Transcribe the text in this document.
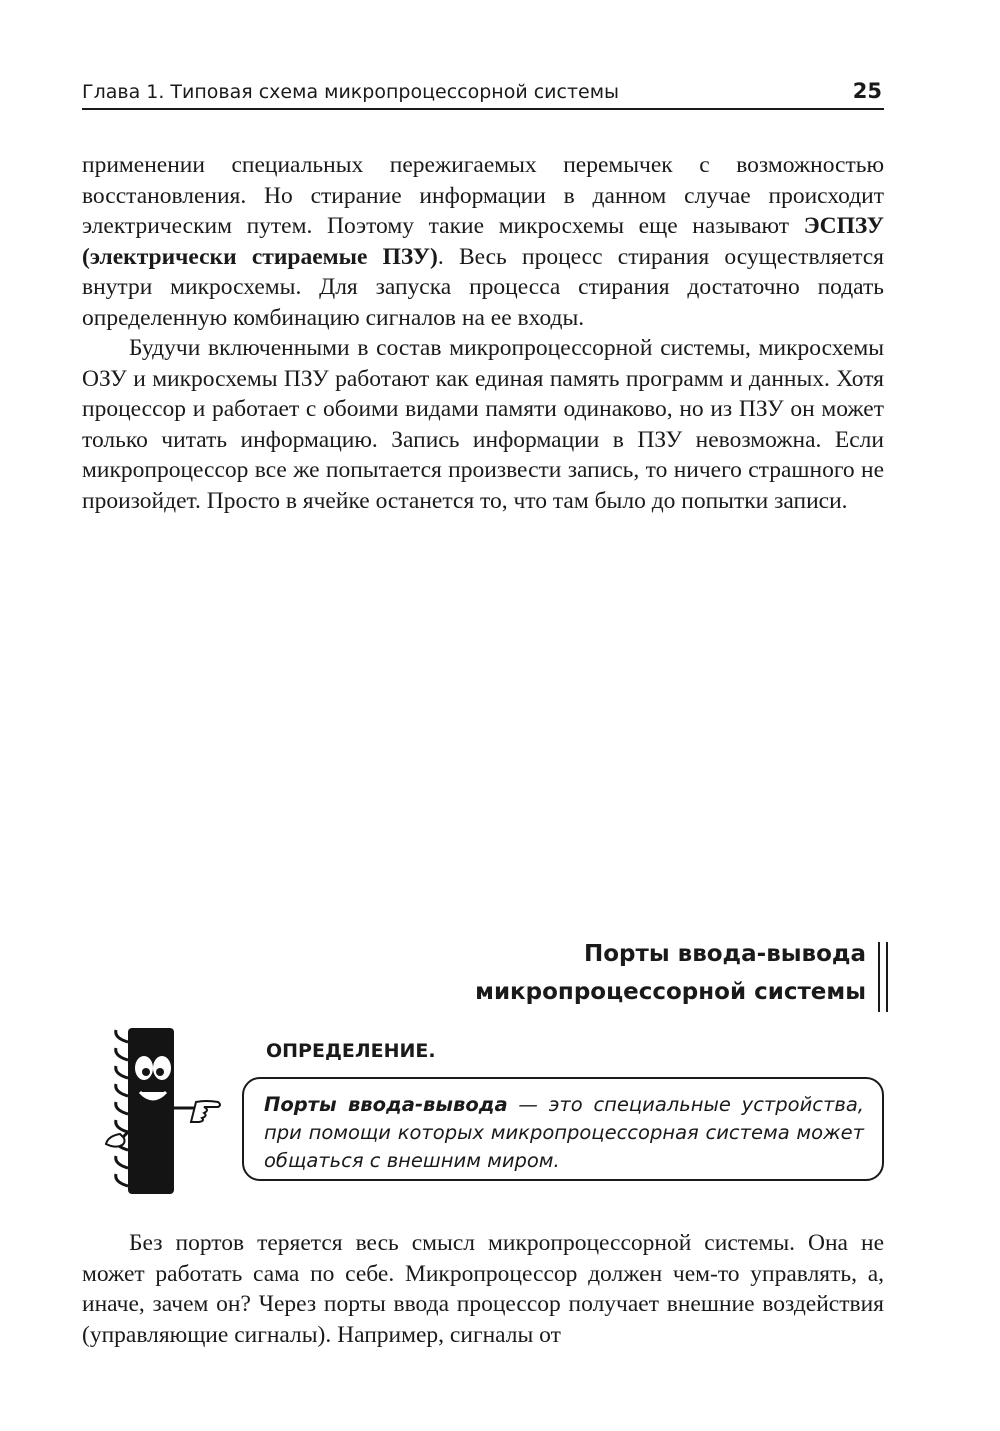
Глава 1. Типовая схема микропроцессорной системы	25

применении специальных пережигаемых перемычек с возможностью восстановления. Но стирание информации в данном случае происходит электрическим путем. Поэтому такие микросхемы еще называют ЭСПЗУ (электрически стираемые ПЗУ). Весь процесс стирания осуществляется внутри микросхемы. Для запуска процесса стирания достаточно подать определенную комбинацию сигналов на ее входы.

Будучи включенными в состав микропроцессорной системы, микросхемы ОЗУ и микросхемы ПЗУ работают как единая память программ и данных. Хотя процессор и работает с обоими видами памяти одинаково, но из ПЗУ он может только читать информацию. Запись информации в ПЗУ невозможна. Если микропроцессор все же попытается произвести запись, то ничего страшного не произойдет. Просто в ячейке останется то, что там было до попытки записи.

Порты ввода-вывода
микропроцессорной системы
ОПРЕДЕЛЕНИЕ.
Порты ввода-вывода — это специальные устройства, при помощи которых микропроцессорная система может общаться с внешним миром.

Без портов теряется весь смысл микропроцессорной системы. Она не может работать сама по себе. Микропроцессор должен чем-то управлять, а, иначе, зачем он? Через порты ввода процессор получает внешние воздействия (управляющие сигналы). Например, сигналы от
